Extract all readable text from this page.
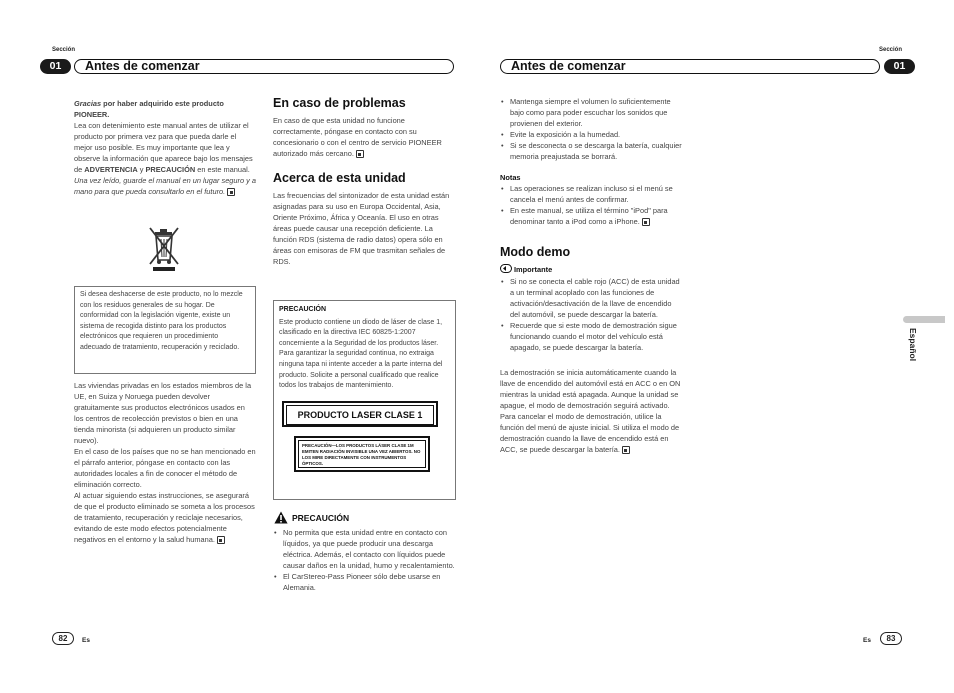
Sección
01	Antes de comenzar

Gracias por haber adquirido este producto
PIONEER.

Lea con detenimiento este manual antes de utilizar el producto por primera vez para que pueda darle el mejor uso posible. Es muy importante que lea y observe la información que aparece bajo los mensajes de ADVERTENCIA y PRECAUCIÓN en este manual. Una vez leído, guarde el manual en un lugar seguro y a mano para que pueda consultarlo en el futuro.

Si desea deshacerse de este producto, no lo mezcle con los residuos generales de su hogar. De conformidad con la legislación vigente, existe un sistema de recogida distinto para los productos electrónicos que requieren un procedimiento adecuado de tratamiento, recuperación y reciclado.

Las viviendas privadas en los estados miembros de la UE, en Suiza y Noruega pueden devolver gratuitamente sus productos electrónicos usados en los centros de recolección previstos o bien en una tienda minorista (si adquieren un producto similar nuevo).

En el caso de los países que no se han mencionado en el párrafo anterior, póngase en contacto con las autoridades locales a fin de conocer el método de eliminación correcto.

Al actuar siguiendo estas instrucciones, se asegurará de que el producto eliminado se someta a los procesos de tratamiento, recuperación y reciclaje necesarios, evitando de este modo efectos potencialmente negativos en el entorno y la salud humana.

En caso de problemas

En caso de que esta unidad no funcione correctamente, póngase en contacto con su concesionario o con el centro de servicio PIONEER autorizado más cercano.

Acerca de esta unidad

Las frecuencias del sintonizador de esta unidad están asignadas para su uso en Europa Occidental, Asia, Oriente Próximo, África y Oceanía. El uso en otras áreas puede causar una recepción deficiente. La función RDS (sistema de radio datos) opera sólo en áreas con emisoras de FM que trasmitan señales de RDS.

PRECAUCIÓN

Este producto contiene un diodo de láser de clase 1, clasificado en la directiva IEC 60825-1:2007 concerniente a la Seguridad de los productos láser. Para garantizar la seguridad continua, no extraiga ninguna tapa ni intente acceder a la parte interna del producto. Solicite a personal cualificado que realice todos los trabajos de mantenimiento.

PRODUCTO LASER CLASE 1
PRECAUCIÓN—LOS PRODUCTOS LÁSER CLASE 1M EMITEN RADIACIÓN INVISIBLE UNA VEZ ABIERTOS. NO LOS MIRE DIRECTAMENTE CON INSTRUMENTOS ÓPTICOS.
PRECAUCIÓN
• No permita que esta unidad entre en contacto con líquidos, ya que puede producir una descarga eléctrica. Además, el contacto con líquidos puede causar daños en la unidad, humo y recalentamiento.
• El CarStereo-Pass Pioneer sólo debe usarse en Alemania.
82	Es
Sección
Antes de comenzar	01
• Mantenga siempre el volumen lo suficientemente bajo como para poder escuchar los sonidos que provienen del exterior.
• Evite la exposición a la humedad.
• Si se desconecta o se descarga la batería, cualquier memoria preajustada se borrará.

Notas

• Las operaciones se realizan incluso si el menú se cancela el menú antes de confirmar.
• En este manual, se utiliza el término "iPod" para denominar tanto a iPod como a iPhone.

Modo demo

Importante

• Si no se conecta el cable rojo (ACC) de esta unidad a un terminal acoplado con las funciones de activación/desactivación de la llave de encendido del automóvil, se puede descargar la batería.
• Recuerde que si este modo de demostración sigue funcionando cuando el motor del vehículo está apagado, se puede descargar la batería.

La demostración se inicia automáticamente cuando la llave de encendido del automóvil está en ACC o en ON mientras la unidad está apagada. Aunque la unidad se apague, el modo de demostración seguirá activado. Para cancelar el modo de demostración, utilice la función del menú de ajuste inicial. Si utiliza el modo de demostración cuando la llave de encendido está en ACC, se puede descargar la batería.

Español
Es	83
